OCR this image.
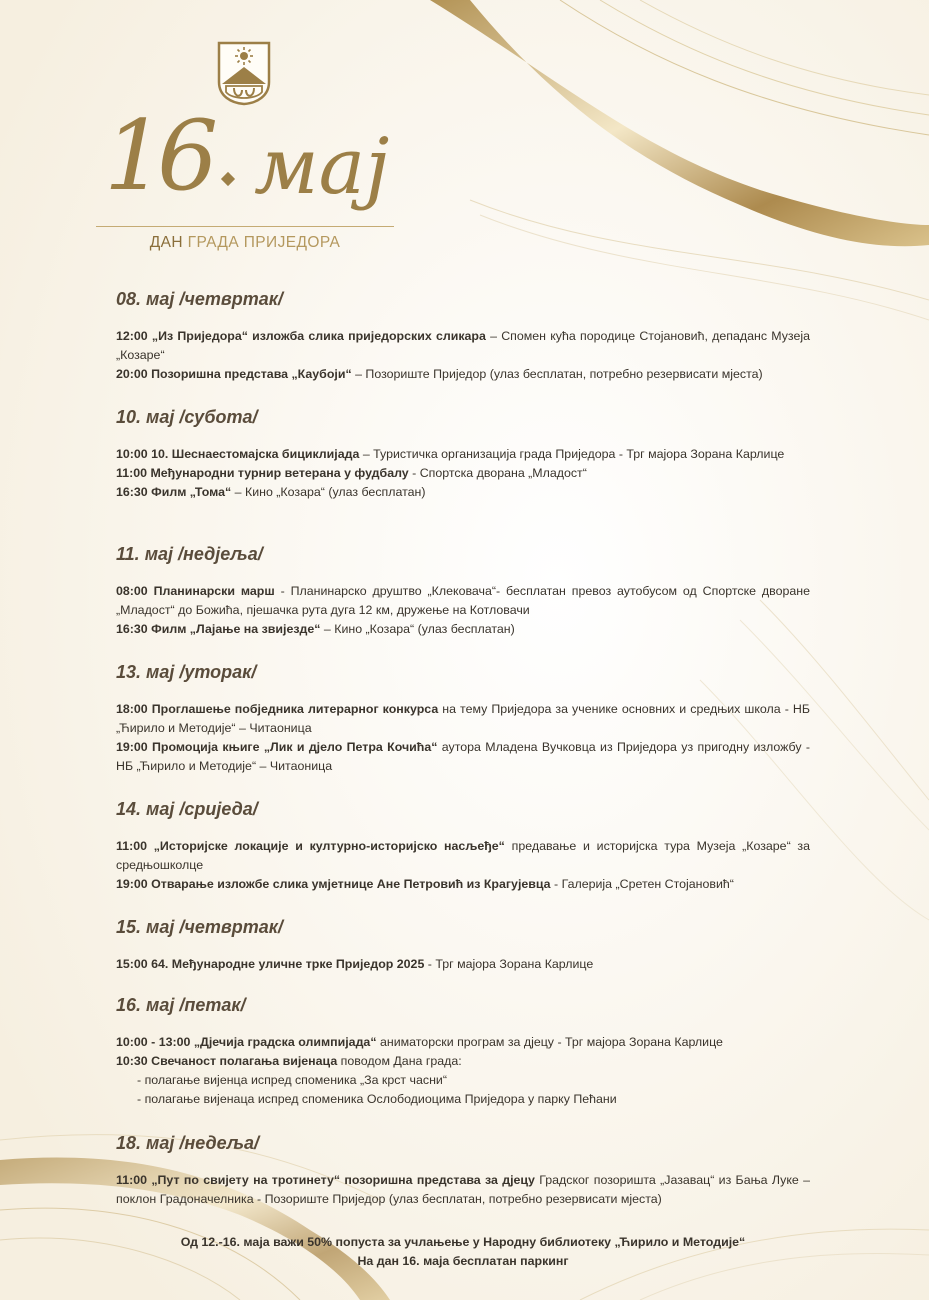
16 мај
ДАН ГРАДА ПРИЈЕДОРА
08. мај /четвртак/
12:00 „Из Приједора“ изложба слика приједорских сликара – Спомен кућа породице Стојановић, депаданс Музеја „Козаре“
20:00 Позоришна представа „Каубоји“ – Позориште Приједор (улаз бесплатан, потребно резервисати мјеста)
10. мај /субота/
10:00 10. Шеснаестомајска бициклијада – Туристичка организација града Приједора - Трг мајора Зорана Карлице
11:00 Међународни турнир ветерана у фудбалу - Спортска дворана „Младост“
16:30 Филм „Тома“ – Кино „Козара“ (улаз бесплатан)
11. мај /недјеља/
08:00 Планинарски марш - Планинарско друштво „Клековача“- бесплатан превоз аутобусом од Спортске дворане „Младост“ до Божића, пјешачка рута дуга 12 км, дружење на Котловачи
16:30 Филм „Лајање на звијезде“ – Кино „Козара“ (улаз бесплатан)
13. мај /уторак/
18:00 Проглашење побједника литерарног конкурса на тему Приједора за ученике основних и средњих школа - НБ „Ћирило и Методије“ – Читаоница
19:00 Промоција књиге „Лик и дјело Петра Кочића“ аутора Младена Вучковца из Приједора уз пригодну изложбу - НБ „Ћирило и Методије“ – Читаоница
14. мај /сриједа/
11:00 „Историјске локације и културно-историјско насљеђе“ предавање и историјска тура Музеја „Козаре“ за средњошколце
19:00 Отварање изложбе слика умјетнице Ане Петровић из Крагујевца - Галерија „Сретен Стојановић“
15. мај /четвртак/
15:00 64. Међународне уличне трке Приједор 2025 - Трг мајора Зорана Карлице
16. мај /петак/
10:00 - 13:00 „Дјечија градска олимпијада“ аниматорски програм за дјецу - Трг мајора Зорана Карлице
10:30 Свечаност полагања вијенаца поводом Дана града:
- полагање вијенца испред споменика „За крст часни“
- полагање вијенаца испред споменика Ослободиоцима Приједора у парку Пећани
18. мај /недеља/
11:00 „Пут по свијету на тротинету“ позоришна представа за дјецу Градског позоришта „Јазавац“ из Бања Луке – поклон Градоначелника - Позориште Приједор (улаз бесплатан, потребно резервисати мјеста)
Од 12.-16. маја важи 50% попуста за учлањење у Народну библиотеку „Ћирило и Методије“
На дан 16. маја бесплатан паркинг
